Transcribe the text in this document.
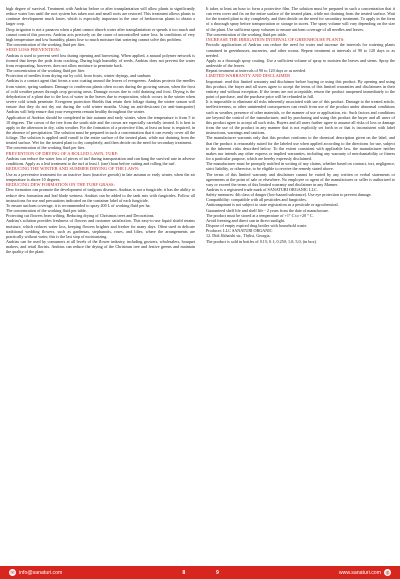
high degree of survival. Treatment with Andrias before or after transplantation will allow plants to significantly reduce water loss until the root system has taken root and small roots are restored. This treatment allows plants to continue development much faster, which is especially important in the case of herbaceous plants to obtain a larger crop.

Drop irrigation is not a panacea when a plant cannot absorb water after transplantation or spends it too much and cannot control this process. Andrias acts precisely on the cause of uncontrolled water loss. In conditions of very high temperature and low humidity, plants lose so much moisture that watering cannot solve this problem.

The concentration of the working fluid per liter.

SEED LOSS PREVENTION:

Andrias is used to prevent seed loss during ripening and harvesting. When applied, a natural polymer network is formed that keeps the pods from cracking. During high humidity of seeds, Andrias does not prevent the water from evaporating, however, does not allow moisture to penetrate back.

The concentration of the working fluid per liter.

Protection of needles from drying out by cold, from frosts, winter dryings, and sunburn.

Andrias is a contact agent that forms a wax coating around the leaves of evergreens. Andrias protects the needles from winter, spring sunburn. Damage to coniferous plants often occurs during the growing season, when the frost of cold weather passes through crop growing areas. Damage occurs due to cold draining and frost. Drying is the dehydration of a plant due to the loss of water in the leaves due to evaporation, which occurs in the winter when severe cold winds penetrate. Evergreen protection Shields that retain their foliage during the winter season will ensure that they do not dry out during the cold winter months. Using an anti-desiccant (or anti-transporter) Andrias will help ensure that your evergreens remain healthy throughout the winter.

Application of Andrias should be completed in late autumn and early winter, when the temperature is from 5 to 10 degrees. The crown of the tree from the south side and the crown are especially carefully treated. It is best to apply in the afternoon in dry, calm weather. For the formation of a protective film, at least an hour is required, in the absence of precipitation. The solution must be prepared in such a concentration that it can evenly cover all the foliage. The solution is applied until runoff to the entire surface of the treated plant, while not draining from the treated surface. Wet for the treated plant to dry completely, and then decide on the need for secondary treatment.

The concentration of the working fluid per liter.

PREVENTION OF DRYING OF A ROLLED LAWN, TURF:

Andrias can reduce the water loss of pieces of turf during transportation and can hang the survival rate in adverse conditions. Apply as a leaf treatment to the turf at least 1 (one) hour before cutting and rolling the turf.

REDUCING THE WINTER AND SUMMER DRYING OF THE LAWN:

Use as a preventive treatment for an inactive lawn (inactive growth) in late autumn or early winter, when the air temperature is above 10 degrees.

REDUCING DEW FORMATION ON THE TURF GRASS:

Dew formation can promote the development of turfgrass diseases. Andrias is not a fungicide, it has the ability to reduce dew formation and leaf blade wetness. Andrias can be added to the tank mix with fungicides. Follow all instructions for use and precautions indicated on the container label of each fungicide.

To ensure uniform coverage, it is recommended to spray 400 L of working fluid per ha.

The concentration of the working fluid per table.

Protecting cut flowers from wilting. Reducing drying of Christmas trees and Decorations.

Andrias's solution provides freshness of flowers and customer satisfaction. This easy-to-use liquid shield retains moisture, which reduces water loss, keeping flowers brighter and fresher for many days. Often used in delicate traditional wedding flowers, such as gardenias, stephanotis, roses, and lilies, where the arrangements are practically without water, this is the last stop of moisturizing.

Andrias can be used by consumers at all levels of the flower industry, including growers, wholesalers, bouquet makers, and retail florists. Andrias can reduce the drying of the Christmas tree and festive greens and maintain the quality of the plant.

It takes at least an hour to form a protective film. The solution must be prepared in such a concentration that it can even cover and fix on the entire surface of the treated plant, while not draining from the treated surface. Wait for the treated plant to dry completely, and then decide on the need for secondary treatment. To apply in the form of a thorough spray before transportation or storage in stores. The spray volume will vary depending on the size of the plant. Use sufficient spray volumes to ensure uniform coverage of all needles and leaves.

The concentration of the working fluid per table.

INCREASE THE IRRIGATION INTERVAL OF GREENHOUSE PLANTS:

Periodic applications of Andrias can reduce the need for water and increase the intervals for watering plants contained in greenhouses, nurseries, and other rooms. Repeat treatment at intervals of 90 to 120 days or as needed.

Apply as a thorough spray coating. Use a sufficient volume of spray to moisten the leaves and stems. Spray the underside of the leaves.

Repeat treatment at intervals of 90 to 120 days or as needed.

LIMITED WARRANTY AND DISCLAIMER

Important: read this limited warranty and disclaimer before buying or using this product. By opening and using this product, the buyer and all users agree to accept the terms of this limited warranties and disclaimers in their entirety and without exception. If the terms are not acceptable, return the product unopened immediately to the point of purchase, and the purchase price will be refunded in full.

It is impossible to eliminate all risks inherently associated with use of this product. Damage to the treated article, ineffectiveness, or other unintended consequences can result from use of the product under abnormal conditions such as weather, presence of other materials, or the manner of use or application, etc. Such factors and conditions are beyond the control of the manufacturer, and by purchasing and using this product the buyer and all users of this product agree to accept all such risks. Buyers and all users further agree to assume all risks of loss or damage from the use of the product in any manner that is not explicitly set forth in or that is inconsistent with label instructions, warnings and cautions.

The manufacturer warrants only that this product conforms to the chemical description given on the label, and that the product is reasonably suited for the labeled use when applied according to the directions for use, subject to the inherent risks described below. To the extent consistent with applicable law, the manufacturer neither makes nor intends any other express or implied warranties, including any warranty of merchantability or fitness for a particular purpose, which are hereby expressly disclaimed.

The manufacturer must be promptly notified in writing of any claims, whether based on contract, tort, negligence, strict liability, or otherwise, to be eligible to receive the remedy stated above.

The terms of this limited warranty and disclaimer cannot be varied by any written or verbal statements or agreements at the point of sale or elsewhere. No employee or agent of the manufacturer or seller is authorized to vary or exceed the terms of this limited warranty and disclaimer in any Manner.

Andrias is a registered trade mark of SANATURI ORGANIC LLC.

Safety measures: 4th class of danger (low-hazard substance). Use eye protection to prevent damage.

Compatibility: compatible with all pesticides and fungicides.

Antitranspirant is not subject to state registration as a pesticide or agrochemical.

Guaranteed shelf life and shelf life - 2 years from the date of manufacture.

The product must be stored at a temperature of +1° C to +20 ° C.

Avoid freezing and direct sun in direct sunlight.

Dispose of empty expired drug bottles with household waste.

Producer: LLC SANATURI ORGANIC

12. Didi Jikhaishi str., Tbilisi, Georgia.

The product is sold in bottles of 0.15; 0.1; 0.250; 1,0; 5,0; (in box).

✉ info@sanaturi.com	8	9	www.sanaturi.com ◍
